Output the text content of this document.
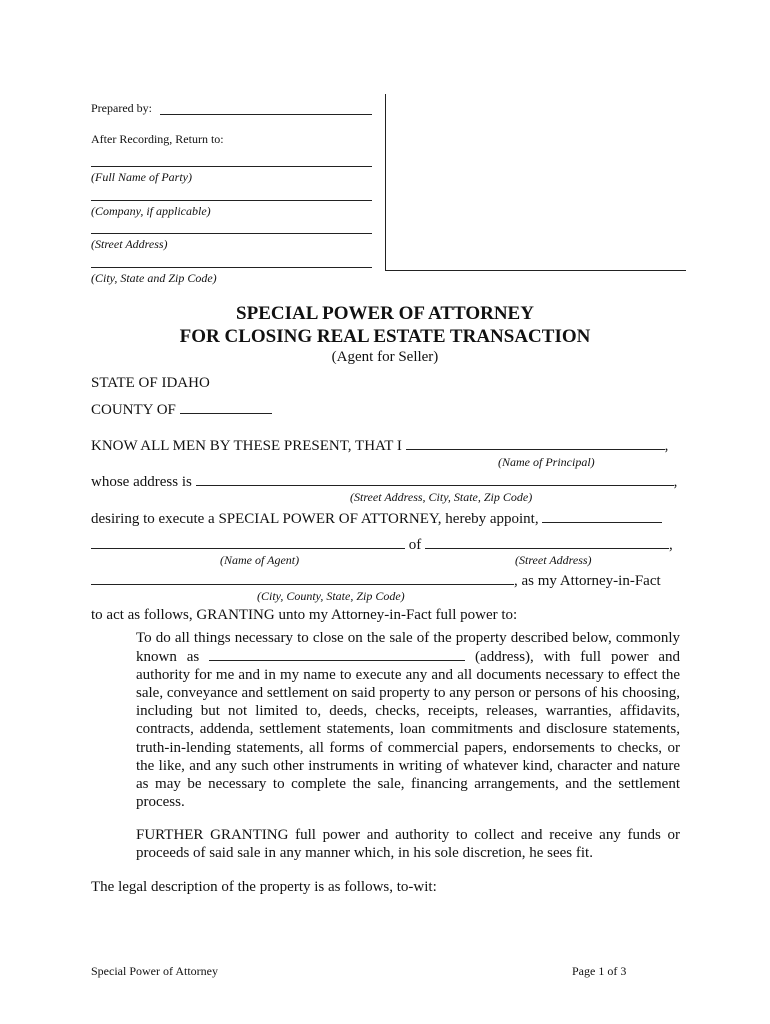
Prepared by:
After Recording, Return to:
(Full Name of Party)
(Company, if applicable)
(Street Address)
(City, State and Zip Code)
SPECIAL POWER OF ATTORNEY
FOR CLOSING REAL ESTATE TRANSACTION
(Agent for Seller)
STATE OF IDAHO
COUNTY OF
KNOW ALL MEN BY THESE PRESENT, THAT I	,
(Name of Principal)
whose address is	,
(Street Address, City, State, Zip Code)
desiring to execute a SPECIAL POWER OF ATTORNEY, hereby appoint,
of	,
(Name of Agent)	(Street Address)
, as my Attorney-in-Fact
(City, County, State, Zip Code)
to act as follows, GRANTING unto my Attorney-in-Fact full power to:
To do all things necessary to close on the sale of the property described below, commonly known as	(address), with full power and authority for me and in my name to execute any and all documents necessary to effect the sale, conveyance and settlement on said property to any person or persons of his choosing, including but not limited to, deeds, checks, receipts, releases, warranties, affidavits, contracts, addenda, settlement statements, loan commitments and disclosure statements, truth-in-lending statements, all forms of commercial papers, endorsements to checks, or the like, and any such other instruments in writing of whatever kind, character and nature as may be necessary to complete the sale, financing arrangements, and the settlement process.
FURTHER GRANTING full power and authority to collect and receive any funds or proceeds of said sale in any manner which, in his sole discretion, he sees fit.
The legal description of the property is as follows, to-wit:
Special Power of Attorney	Page 1 of 3
